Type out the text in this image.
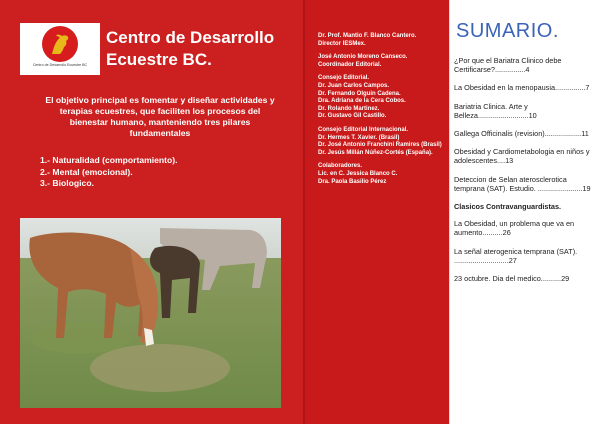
Centro de Desarrollo Ecuestre BC
Centro de Desarrollo
Ecuestre BC.
El objetivo principal es fomentar y diseñar actividades y terapias ecuestres, que faciliten los procesos del bienestar humano, manteniendo tres pilares fundamentales
1.- Naturalidad (comportamiento).
2.- Mental (emocional).
3.- Biologico.
Dr. Prof. Mantio F. Blanco Cantero.
Director IESMex.
José Antonio Moreno Canseco.
Coordinador Editorial.
Consejo Editorial.
Dr. Juan Carlos Campos.
Dr. Fernando Olguin Cadena.
Dra. Adriana de la Cera Cobos.
Dr. Rolando Martinez.
Dr. Gustavo Gil Castillo.
Consejo Editorial Internacional.
Dr. Hermes T. Xavier. (Brasil)
Dr. José Antonio Franchini Ramires (Brasil)
Dr. Jesús Millán Núñez-Cortés (España).
Colaboradores.
Lic. en C. Jessica Blanco C.
Dra. Paola Basilio Pérez
SUMARIO.
¿Por que el Bariatra Clinico debe Certificarse?...............4
La Obesidad en la menopausia...............7
Bariatria Clinica. Arte y Belleza.........................10
Gallega Officinalis (revision)..................11
Obesidad y Cardiometabologia en niños y adolescentes....13
Deteccion de Selan aterosclerotica temprana (SAT). Estudio. ......................19
Clasicos Contravanguardistas.
La Obesidad, un problema que va en aumento..........26
La señal aterogenica temprana (SAT). ...........................27
23 octubre. Dia del medico..........29
